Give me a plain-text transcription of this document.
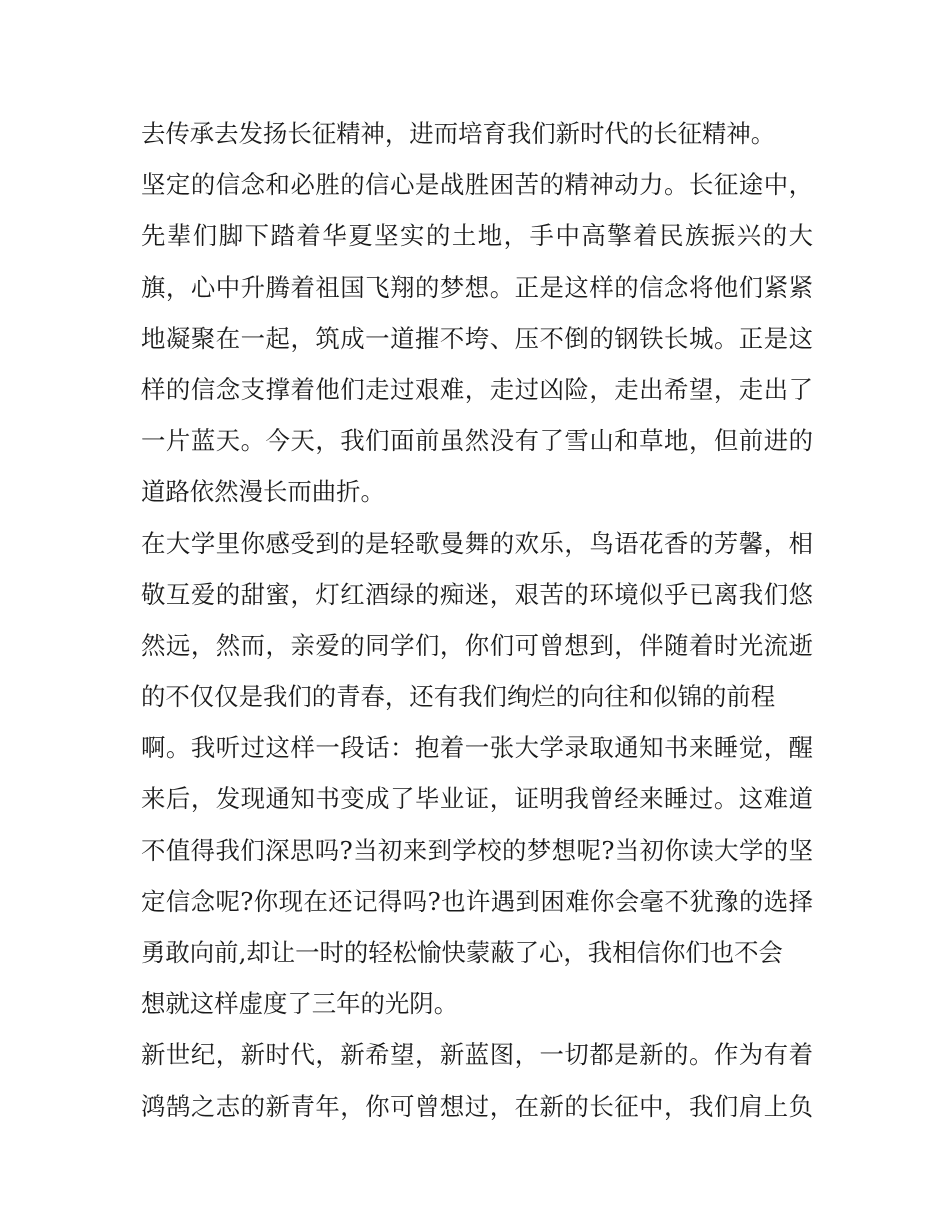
去传承去发扬长征精神，进而培育我们新时代的长征精神。

坚定的信念和必胜的信心是战胜困苦的精神动力。长征途中，
先辈们脚下踏着华夏坚实的土地，手中高擎着民族振兴的大
旗，心中升腾着祖国飞翔的梦想。正是这样的信念将他们紧紧
地凝聚在一起，筑成一道摧不垮、压不倒的钢铁长城。正是这
样的信念支撑着他们走过艰难，走过凶险，走出希望，走出了
一片蓝天。今天，我们面前虽然没有了雪山和草地，但前进的
道路依然漫长而曲折。

在大学里你感受到的是轻歌曼舞的欢乐，鸟语花香的芳馨，相
敬互爱的甜蜜，灯红酒绿的痴迷，艰苦的环境似乎已离我们悠
然远，然而，亲爱的同学们，你们可曾想到，伴随着时光流逝
的不仅仅是我们的青春，还有我们绚烂的向往和似锦的前程
啊。我听过这样一段话：抱着一张大学录取通知书来睡觉，醒
来后，发现通知书变成了毕业证，证明我曾经来睡过。这难道
不值得我们深思吗?当初来到学校的梦想呢?当初你读大学的坚
定信念呢?你现在还记得吗?也许遇到困难你会毫不犹豫的选择
勇敢向前,却让一时的轻松愉快蒙蔽了心，我相信你们也不会
想就这样虚度了三年的光阴。

新世纪，新时代，新希望，新蓝图，一切都是新的。作为有着
鸿鹄之志的新青年，你可曾想过，在新的长征中，我们肩上负
